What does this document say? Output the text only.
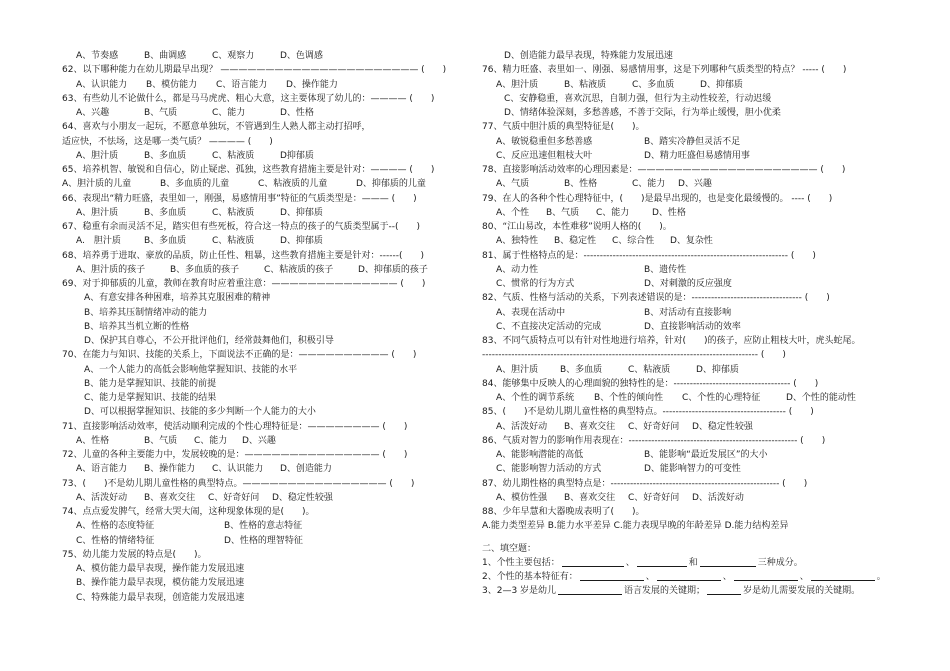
A、节奏感	B、曲调感	C、观察力	D、色调感
62、以下哪种能力在幼儿期最早出现？ —————————————————————— (　　)
A、认识能力	B、模仿能力	C、语言能力	D、操作能力
63、有些幼儿不论做什么，都是马马虎虎、粗心大意，这主要体现了幼儿的：———— (　　)
A、兴趣	B、气质	C、能力	D、性格
64、喜欢与小朋友一起玩，不愿意单独玩，不管遇到生人熟人都主动打招呼，
适应快，不怯场，这是哪一类气质？ ———— (　　)
A、胆汁质	B、多血质	C、粘液质	D抑郁质
65、培养机智、敏锐和自信心，防止疑虑、孤独，这些教育措施主要是针对：———— (　　)
A、胆汁质的儿童	B、多血质的儿童	C、粘液质的儿童	D、抑郁质的儿童
66、表现出“精力旺盛，表里如一，刚强，易感情用事”特征的气质类型是：——— (　　)
A、胆汁质	B、多血质	C、粘液质	D、抑郁质
67、稳重有余而灵活不足，踏实但有些死板，符合这一特点的孩子的气质类型属于--(　　)
A.　胆汁质	B、多血质	C、粘液质	D、抑郁质
68、培养勇于进取、豪放的品质，防止任性、粗暴，这些教育措施主要是针对：------(　　)
A、胆汁质的孩子	B、多血质的孩子	C、粘液质的孩子	D、抑郁质的孩子
69、对于抑郁质的儿童，教师在教育时应着重注意：—————————————— (　　)
A、有意安排各种困难，培养其克服困难的精神
B、培养其压制情绪冲动的能力
B、培养其当机立断的性格
D、保护其自尊心，不公开批评他们，经常鼓舞他们，积极引导
70、在能力与知识、技能的关系上，下面说法不正确的是：—————————— (　　)
A、一个人能力的高低会影响他掌握知识、技能的水平
B、能力是掌握知识、技能的前提
C、能力是掌握知识、技能的结果
D、可以根据掌握知识、技能的多少判断一个人能力的大小
71、直接影响活动效率，使活动顺利完成的个性心理特征是：———————— (　　)
A、性格	B、气质	C、能力	D、兴趣
72、儿童的各种主要能力中，发展较晚的是：——————————————— (　　)
A、语言能力	B、操作能力	C、认识能力	D、创造能力
73、(　　)不是幼儿期儿童性格的典型特点。———————————————— (　　)
A、活泼好动	B、喜欢交往	C、好奇好问	D、稳定性较强
74、点点爱发脾气，经常大哭大闹，这种现象体现的是(　　)。
A、性格的态度特征	B、性格的意志特征
C、性格的情绪特征	D、性格的理智特征
75、幼儿能力发展的特点是(　　)。
A、模仿能力最早表现，操作能力发展迅速
B、操作能力最早表现，模仿能力发展迅速
C、特殊能力最早表现，创造能力发展迅速
D、创造能力最早表现，特殊能力发展迅速
76、精力旺盛、表里如一、刚强、易感情用事，这是下列哪种气质类型的特点？ ----- (　　)
A、胆汁质	B、粘液质	C、多血质	D、抑郁质
C、安静稳重，喜欢沉思，自制力强，但行为主动性较差，行动迟缓
D、情绪体验深刻，多愁善感，不善于交际，行为举止缓慢，胆小优柔
77、气质中胆汁质的典型特征是(　　)。
A、敏锐稳重但多愁善感	B、踏实冷静但灵活不足
C、反应迅速但粗枝大叶	D、精力旺盛但易感情用事
78、直接影响活动效率的心理因素是：———————————————————— (　　)
A、气质	B、性格	C、能力	D、兴趣
79、在人的各种个性心理特征中，(　　)是最早出现的，也是变化最缓慢的。 ---- (　　)
A、个性	B、气质	C、能力	D、性格
80、“江山易改，本性难移”说明人格的(　　)。
A、独特性	B、稳定性	C、综合性	D、复杂性
81、属于性格特点的是：--------------------------------------------------------------- (　　)
A、动力性	B、遗传性
C、惯常的行为方式	D、对刺激的反应强度
82、气质、性格与活动的关系，下列表述错误的是：---------------------------------- (　　)
A、表现在活动中	B、对活动有直接影响
C、不直接决定活动的完成	D、直接影响活动的效率
83、不同气质特点可以有针对性地进行培养，针对(　　)的孩子，应防止粗枝大叶，虎头蛇尾。
------------------------------------------------------------------------------------- (　　)
A、胆汁质	B、多血质	C、粘液质	D、抑郁质
84、能够集中反映人的心理面貌的独特性的是：------------------------------------ (　　)
A、个性的调节系统	B、个性的倾向性	C、个性的心理特征	D、个性的能动性
85、(　　)不是幼儿期儿童性格的典型特点。-------------------------------------- (　　)
A、活泼好动	B、喜欢交往	C、好奇好问	D、稳定性较强
86、气质对智力的影响作用表现在：---------------------------------------------------- (　　)
A、能影响潜能的高低	B、能影响“最近发展区”的大小
C、能影响智力活动的方式	D、能影响智力的可变性
87、幼儿期性格的典型特点是：---------------------------------------------------- (　　)
A、模仿性强	B、喜欢交往	C、好奇好问	D、活泼好动
88、少年早慧和大器晚成表明了(　　)。
A.能力类型差异 B.能力水平差异 C.能力表现早晚的年龄差异 D.能力结构差异
二、填空题：
1、个性主要包括：	、	和	三种成分。
2、个性的基本特征有：	、	、	、	。
3、2—3 岁是幼儿	语言发展的关键期；	岁是幼儿需要发展的关键期。
